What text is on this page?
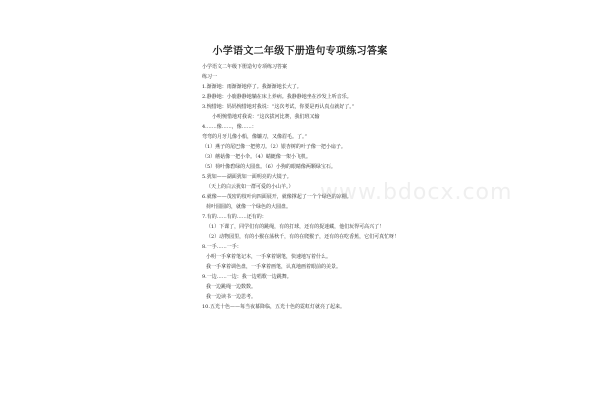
小学语文二年级下册造句专项练习答案
小学语文二年级下册造句专项练习答案
练习一
1.渐渐地：雨渐渐地停了。我渐渐地长大了。
2.静静地：小鹿静静地躺在床上养病。我静静地坐在沙发上听音乐。
3.惋惜地：妈妈惋惜地对我说：“这次考试，你要是再认真点就好了。”
小明惋惜地对我说：“这次拔河比赛，我们班又输
4.……像……，像……：
弯弯的月牙儿像小船，像镰刀，又像眉毛。了。”
（1）燕子的尾巴像一把剪刀。（2）银杏树的叶子像一把小扇子。
（3）蘑菇像一把小伞。（4）蜻蜓像一架小飞机。
（5）荷叶像碧绿的大圆盘。（6）小狗的眼睛像两颗绿宝石。
5.犹如——湖面犹如一面明亮的大镜子。
（天上的白云犹如一群可爱的小山羊。）
6.就像——茂密的枝叶向四面展开，就像撑起了一个个绿色的凉棚。
荷叶圆圆的，就像一个绿色的大圆盘。
7.有的……有的……还有的：
（1）下课了，同学们有的跳绳，有的打球，还有的捉迷藏，他们玩得可高兴了！
（2）动物园里，有的小猴在荡秋千，有的在爬猴子，还有的在吃香蕉，它们可真忙呀！
8.一手……一手：
小明一手拿着笔记本，一手拿着钢笔，快速地写着什么。
我一手拿着调色盘，一手拿着画笔，认真地画着眼前的美景。
9.一边……一边：我一边唱歌一边跳舞。
我一边跳绳一边数数。
我一边读书一边思考。
10.五光十色——每当夜幕降临，五光十色的霓虹灯就亮了起来。
www.bdocx.com
